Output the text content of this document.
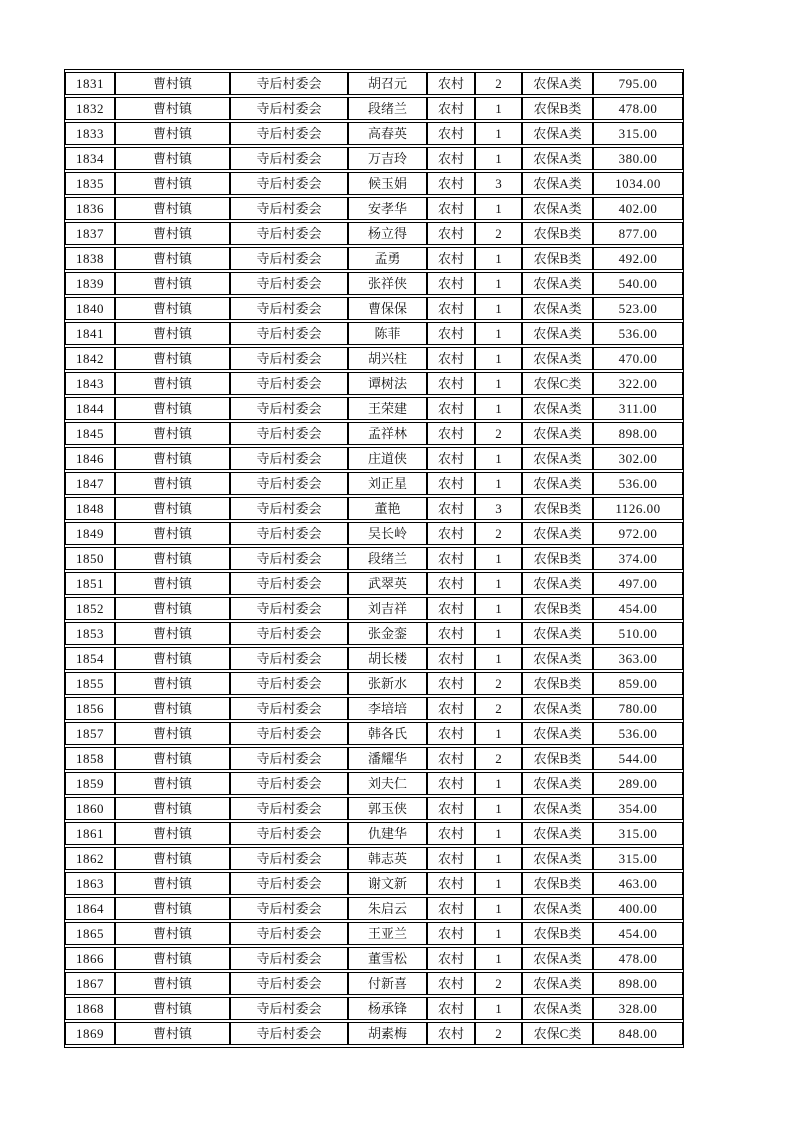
1831	曹村镇	寺后村委会	胡召元	农村	2	农保A类	795.00
1832	曹村镇	寺后村委会	段绪兰	农村	1	农保B类	478.00
1833	曹村镇	寺后村委会	高春英	农村	1	农保A类	315.00
1834	曹村镇	寺后村委会	万吉玲	农村	1	农保A类	380.00
1835	曹村镇	寺后村委会	候玉娟	农村	3	农保A类	1034.00
1836	曹村镇	寺后村委会	安孝华	农村	1	农保A类	402.00
1837	曹村镇	寺后村委会	杨立得	农村	2	农保B类	877.00
1838	曹村镇	寺后村委会	孟勇	农村	1	农保B类	492.00
1839	曹村镇	寺后村委会	张祥侠	农村	1	农保A类	540.00
1840	曹村镇	寺后村委会	曹保保	农村	1	农保A类	523.00
1841	曹村镇	寺后村委会	陈菲	农村	1	农保A类	536.00
1842	曹村镇	寺后村委会	胡兴柱	农村	1	农保A类	470.00
1843	曹村镇	寺后村委会	谭树法	农村	1	农保C类	322.00
1844	曹村镇	寺后村委会	王荣建	农村	1	农保A类	311.00
1845	曹村镇	寺后村委会	孟祥林	农村	2	农保A类	898.00
1846	曹村镇	寺后村委会	庄道侠	农村	1	农保A类	302.00
1847	曹村镇	寺后村委会	刘正星	农村	1	农保A类	536.00
1848	曹村镇	寺后村委会	董艳	农村	3	农保B类	1126.00
1849	曹村镇	寺后村委会	吴长岭	农村	2	农保A类	972.00
1850	曹村镇	寺后村委会	段绪兰	农村	1	农保B类	374.00
1851	曹村镇	寺后村委会	武翠英	农村	1	农保A类	497.00
1852	曹村镇	寺后村委会	刘吉祥	农村	1	农保B类	454.00
1853	曹村镇	寺后村委会	张金銮	农村	1	农保A类	510.00
1854	曹村镇	寺后村委会	胡长楼	农村	1	农保A类	363.00
1855	曹村镇	寺后村委会	张新水	农村	2	农保B类	859.00
1856	曹村镇	寺后村委会	李培培	农村	2	农保A类	780.00
1857	曹村镇	寺后村委会	韩各氏	农村	1	农保A类	536.00
1858	曹村镇	寺后村委会	潘耀华	农村	2	农保B类	544.00
1859	曹村镇	寺后村委会	刘夫仁	农村	1	农保A类	289.00
1860	曹村镇	寺后村委会	郭玉侠	农村	1	农保A类	354.00
1861	曹村镇	寺后村委会	仇建华	农村	1	农保A类	315.00
1862	曹村镇	寺后村委会	韩志英	农村	1	农保A类	315.00
1863	曹村镇	寺后村委会	谢文新	农村	1	农保B类	463.00
1864	曹村镇	寺后村委会	朱启云	农村	1	农保A类	400.00
1865	曹村镇	寺后村委会	王亚兰	农村	1	农保B类	454.00
1866	曹村镇	寺后村委会	董雪松	农村	1	农保A类	478.00
1867	曹村镇	寺后村委会	付新喜	农村	2	农保A类	898.00
1868	曹村镇	寺后村委会	杨承锋	农村	1	农保A类	328.00
1869	曹村镇	寺后村委会	胡素梅	农村	2	农保C类	848.00
